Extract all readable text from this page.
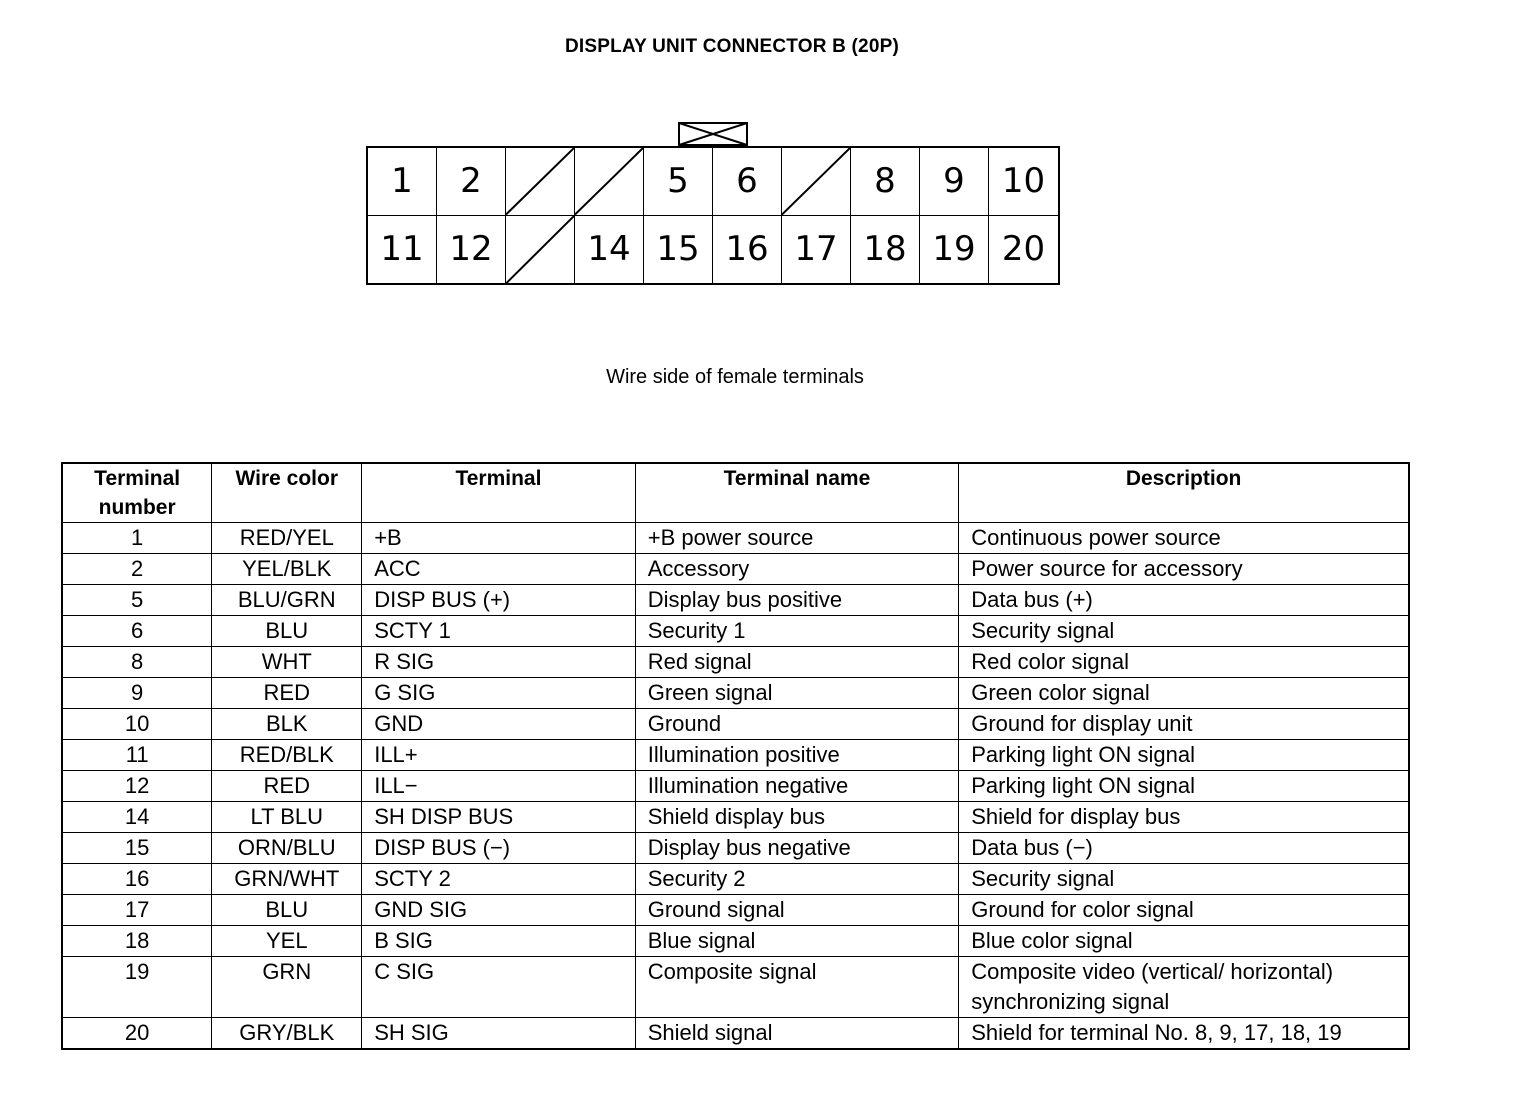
DISPLAY UNIT CONNECTOR B (20P)
1 2	5 6	8 9 10
11 12	14 15 16 17 18 19 20
Wire side of female terminals
Terminal number	Wire color	Terminal	Terminal name	Description
1	RED/YEL	+B	+B power source	Continuous power source
2	YEL/BLK	ACC	Accessory	Power source for accessory
5	BLU/GRN	DISP BUS (+)	Display bus positive	Data bus (+)
6	BLU	SCTY 1	Security 1	Security signal
8	WHT	R SIG	Red signal	Red color signal
9	RED	G SIG	Green signal	Green color signal
10	BLK	GND	Ground	Ground for display unit
11	RED/BLK	ILL+	Illumination positive	Parking light ON signal
12	RED	ILL−	Illumination negative	Parking light ON signal
14	LT BLU	SH DISP BUS	Shield display bus	Shield for display bus
15	ORN/BLU	DISP BUS (−)	Display bus negative	Data bus (−)
16	GRN/WHT	SCTY 2	Security 2	Security signal
17	BLU	GND SIG	Ground signal	Ground for color signal
18	YEL	B SIG	Blue signal	Blue color signal
19	GRN	C SIG	Composite signal	Composite video (vertical/ horizontal) synchronizing signal
20	GRY/BLK	SH SIG	Shield signal	Shield for terminal No. 8, 9, 17, 18, 19
